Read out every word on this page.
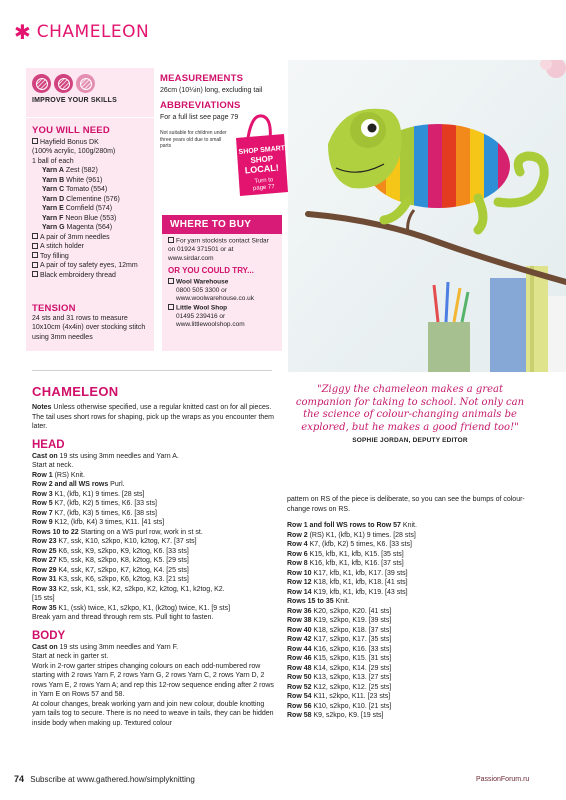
✱ CHAMELEON
IMPROVE YOUR SKILLS
YOU WILL NEED
Hayfield Bonus DK
(100% acrylic, 100g/280m)
1 ball of each
Yarn A Zest (582)
Yarn B White (961)
Yarn C Tomato (554)
Yarn D Clementine (576)
Yarn E Cornfield (574)
Yarn F Neon Blue (553)
Yarn G Magenta (564)
A pair of 3mm needles
A stitch holder
Toy filling
A pair of toy safety eyes, 12mm
Black embroidery thread
TENSION
24 sts and 31 rows to measure 10x10cm (4x4in) over stocking stitch using 3mm needles
MEASUREMENTS
26cm (10¼in) long, excluding tail
ABBREVIATIONS
For a full list see page 79
Not suitable for children under three years old due to small parts	SHOP SMART
SHOP
LOCAL!
Turn to
page 77
WHERE TO BUY
For yarn stockists contact Sirdar on 01924 371501 or at www.sirdar.com
OR YOU COULD TRY...
Wool Warehouse
0800 505 3300 or
www.woolwarehouse.co.uk
Little Wool Shop
01495 239416 or
www.littlewoolshop.com
CHAMELEON
Notes Unless otherwise specified, use a regular knitted cast on for all pieces. The tail uses short rows for shaping, pick up the wraps as you encounter them later.
HEAD
Cast on 19 sts using 3mm needles and Yarn A.
Start at neck.
Row 1 (RS) Knit.
Row 2 and all WS rows Purl.
Row 3 K1, (kfb, K1) 9 times. [28 sts]
Row 5 K7, (kfb, K2) 5 times, K6. [33 sts]
Row 7 K7, (kfb, K3) 5 times, K6. [38 sts]
Row 9 K12, (kfb, K4) 3 times, K11. [41 sts]
Rows 10 to 22 Starting on a WS purl row, work in st st.
Row 23 K7, ssk, K10, s2kpo, K10, k2tog, K7. [37 sts]
Row 25 K6, ssk, K9, s2kpo, K9, k2tog, K6. [33 sts]
Row 27 K5, ssk, K8, s2kpo, K8, k2tog, K5. [29 sts]
Row 29 K4, ssk, K7, s2kpo, K7, k2tog, K4. [25 sts]
Row 31 K3, ssk, K6, s2kpo, K6, k2tog, K3. [21 sts]
Row 33 K2, ssk, K1, ssk, K2, s2kpo, K2, k2tog, K1, k2tog, K2.
[15 sts]
Row 35 K1, (ssk) twice, K1, s2kpo, K1, (k2tog) twice, K1. [9 sts]
Break yarn and thread through rem sts. Pull tight to fasten.
BODY
Cast on 19 sts using 3mm needles and Yarn F.
Start at neck in garter st.
Work in 2-row garter stripes changing colours on each odd-numbered row starting with 2 rows Yarn F, 2 rows Yarn G, 2 rows Yarn C, 2 rows Yarn D, 2 rows Yarn E, 2 rows Yarn A; and rep this 12-row sequence ending after 2 rows in Yarn E on Rows 57 and 58.
At colour changes, break working yarn and join new colour, double knotting yarn tails tog to secure. There is no need to weave in tails, they can be hidden inside body when making up. Textured colour
"Ziggy the chameleon makes a great companion for taking to school. Not only can the science of colour-changing animals be explored, but he makes a good friend too!"
SOPHIE JORDAN, DEPUTY EDITOR
pattern on RS of the piece is deliberate, so you can see the bumps of colour-change rows on RS.
Row 1 and foll WS rows to Row 57 Knit.
Row 2 (RS) K1, (kfb, K1) 9 times. [28 sts]
Row 4 K7, (kfb, K2) 5 times, K6. [33 sts]
Row 6 K15, kfb, K1, kfb, K15. [35 sts]
Row 8 K16, kfb, K1, kfb, K16. [37 sts]
Row 10 K17, kfb, K1, kfb, K17. [39 sts]
Row 12 K18, kfb, K1, kfb, K18. [41 sts]
Row 14 K19, kfb, K1, kfb, K19. [43 sts]
Rows 15 to 35 Knit.
Row 36 K20, s2kpo, K20. [41 sts]
Row 38 K19, s2kpo, K19. [39 sts]
Row 40 K18, s2kpo, K18. [37 sts]
Row 42 K17, s2kpo, K17. [35 sts]
Row 44 K16, s2kpo, K16. [33 sts]
Row 46 K15, s2kpo, K15. [31 sts]
Row 48 K14, s2kpo, K14. [29 sts]
Row 50 K13, s2kpo, K13. [27 sts]
Row 52 K12, s2kpo, K12. [25 sts]
Row 54 K11, s2kpo, K11. [23 sts]
Row 56 K10, s2kpo, K10. [21 sts]
Row 58 K9, s2kpo, K9. [19 sts]
74 Subscribe at www.gathered.how/simplyknitting	PassionForum.ru
